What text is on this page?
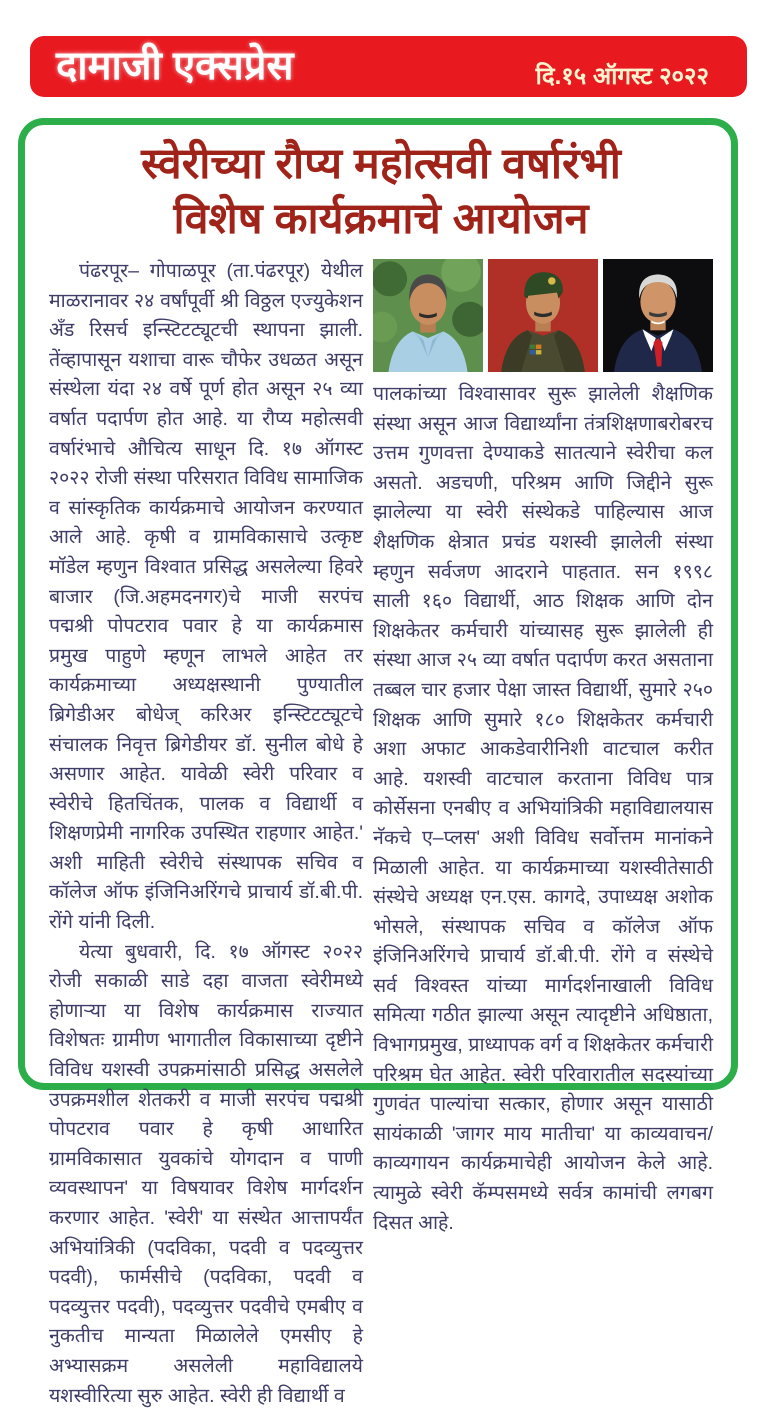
दामाजी एक्सप्रेस	दि.१५ ऑगस्ट २०२२
स्वेरीच्या रौप्य महोत्सवी वर्षारंभी
विशेष कार्यक्रमाचे आयोजन

पंढरपूर– गोपाळपूर (ता.पंढरपूर) येथील माळरानावर २४ वर्षांपूर्वी श्री विठ्ठल एज्युकेशन अँड रिसर्च इन्स्टिटट्यूटची स्थापना झाली. तेंव्हापासून यशाचा वारू चौफेर उधळत असून संस्थेला यंदा २४ वर्षे पूर्ण होत असून २५ व्या वर्षात पदार्पण होत आहे. या रौप्य महोत्सवी वर्षारंभाचे औचित्य साधून दि. १७ ऑगस्ट २०२२ रोजी संस्था परिसरात विविध सामाजिक व सांस्कृतिक कार्यक्रमाचे आयोजन करण्यात आले आहे. कृषी व ग्रामविकासाचे उत्कृष्ट मॉडेल म्हणुन विश्वात प्रसिद्ध असलेल्या हिवरे बाजार (जि.अहमदनगर)चे माजी सरपंच पद्मश्री पोपटराव पवार हे या कार्यक्रमास प्रमुख पाहुणे म्हणून लाभले आहेत तर कार्यक्रमाच्या अध्यक्षस्थानी पुण्यातील ब्रिगेडीअर बोधेज् करिअर इन्स्टिटट्यूटचे संचालक निवृत्त ब्रिगेडीयर डॉ. सुनील बोधे हे असणार आहेत. यावेळी स्वेरी परिवार व स्वेरीचे हितचिंतक, पालक व विद्यार्थी व शिक्षणप्रेमी नागरिक उपस्थित राहणार आहेत.' अशी माहिती स्वेरीचे संस्थापक सचिव व कॉलेज ऑफ इंजिनिअरिंगचे प्राचार्य डॉ.बी.पी. रोंगे यांनी दिली.

येत्या बुधवारी, दि. १७ ऑगस्ट २०२२ रोजी सकाळी साडे दहा वाजता स्वेरीमध्ये होणाऱ्या या विशेष कार्यक्रमास राज्यात विशेषतः ग्रामीण भागातील विकासाच्या दृष्टीने विविध यशस्वी उपक्रमांसाठी प्रसिद्ध असलेले उपक्रमशील शेतकरी व माजी सरपंच पद्मश्री पोपटराव पवार हे कृषी आधारित ग्रामविकासात युवकांचे योगदान व पाणी व्यवस्थापन' या विषयावर विशेष मार्गदर्शन करणार आहेत. 'स्वेरी' या संस्थेत आत्तापर्यंत अभियांत्रिकी (पदविका, पदवी व पदव्युत्तर पदवी), फार्मसीचे (पदविका, पदवी व पदव्युत्तर पदवी), पदव्युत्तर पदवीचे एमबीए व नुकतीच मान्यता मिळालेले एमसीए हे अभ्यासक्रम असलेली महाविद्यालये यशस्वीरित्या सुरु आहेत. स्वेरी ही विद्यार्थी व

पालकांच्या विश्वासावर सुरू झालेली शैक्षणिक संस्था असून आज विद्यार्थ्यांना तंत्रशिक्षणाबरोबरच उत्तम गुणवत्ता देण्याकडे सातत्याने स्वेरीचा कल असतो. अडचणी, परिश्रम आणि जिद्दीने सुरू झालेल्या या स्वेरी संस्थेकडे पाहिल्यास आज शैक्षणिक क्षेत्रात प्रचंड यशस्वी झालेली संस्था म्हणुन सर्वजण आदराने पाहतात. सन १९९८ साली १६० विद्यार्थी, आठ शिक्षक आणि दोन शिक्षकेतर कर्मचारी यांच्यासह सुरू झालेली ही संस्था आज २५ व्या वर्षात पदार्पण करत असताना तब्बल चार हजार पेक्षा जास्त विद्यार्थी, सुमारे २५० शिक्षक आणि सुमारे १८० शिक्षकेतर कर्मचारी अशा अफाट आकडेवारीनिशी वाटचाल करीत आहे. यशस्वी वाटचाल करताना विविध पात्र कोर्सेसना एनबीए व अभियांत्रिकी महाविद्यालयास नॅकचे ए–प्लस' अशी विविध सर्वोत्तम मानांकने मिळाली आहेत. या कार्यक्रमाच्या यशस्वीतेसाठी संस्थेचे अध्यक्ष एन.एस. कागदे, उपाध्यक्ष अशोक भोसले, संस्थापक सचिव व कॉलेज ऑफ इंजिनिअरिंगचे प्राचार्य डॉ.बी.पी. रोंगे व संस्थेचे सर्व विश्वस्त यांच्या मार्गदर्शनाखाली विविध समित्या गठीत झाल्या असून त्यादृष्टीने अधिष्ठाता, विभागप्रमुख, प्राध्यापक वर्ग व शिक्षकेतर कर्मचारी परिश्रम घेत आहेत. स्वेरी परिवारातील सदस्यांच्या गुणवंत पाल्यांचा सत्कार, होणार असून यासाठी सायंकाळी 'जागर माय मातीचा' या काव्यवाचन/ काव्यगायन कार्यक्रमाचेही आयोजन केले आहे. त्यामुळे स्वेरी कॅम्पसमध्ये सर्वत्र कामांची लगबग दिसत आहे.
